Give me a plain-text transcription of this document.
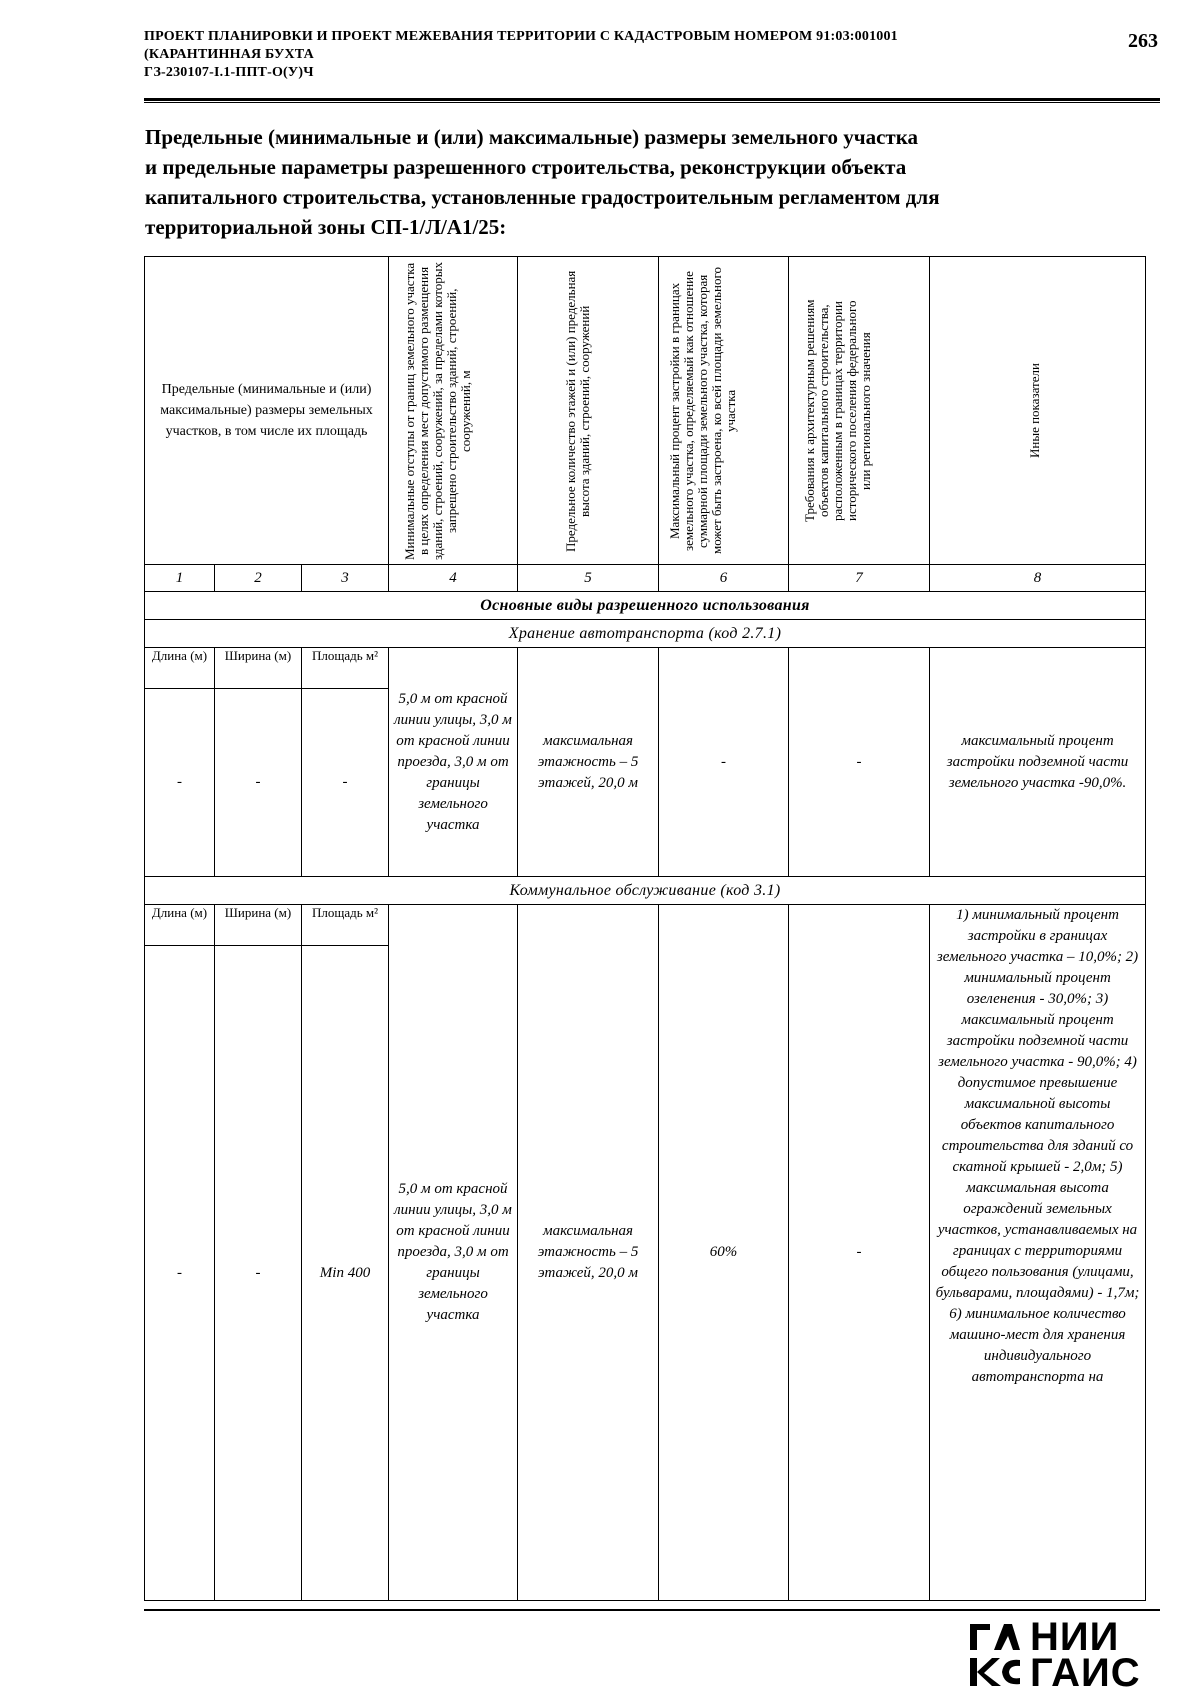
ПРОЕКТ ПЛАНИРОВКИ И ПРОЕКТ МЕЖЕВАНИЯ ТЕРРИТОРИИ С КАДАСТРОВЫМ НОМЕРОМ 91:03:001001
(КАРАНТИННАЯ БУХТА
ГЗ-230107-I.1-ППТ-О(У)Ч
263
Предельные (минимальные и (или) максимальные) размеры земельного участка
и предельные параметры разрешенного строительства, реконструкции объекта
капитального строительства, установленные градостроительным регламентом для
территориальной зоны СП-1/Л/А1/25:
Предельные (минимальные и (или) максимальные) размеры земельных участков, в том числе их площадь			Минимальные отступы от границ земельного участка в целях определения мест допустимого размещения зданий, строений, сооружений, за пределами которых запрещено строительство зданий, строений, сооружений, м	Предельное количество этажей и (или) предельная высота зданий, строений, сооружений	Максимальный процент застройки в границах земельного участка, определяемый как отношение суммарной площади земельного участка, которая может быть застроена, ко всей площади земельного участка	Требования к архитектурным решениям объектов капитального строительства, расположенным в границах территории исторического поселения федерального или регионального значения	Иные показатели

1	2	3	4	5	6	7	8
Основные виды разрешенного использования							
Хранение автотранспорта (код 2.7.1)							
Длина (м)	Ширина (м)	Площадь м²	5,0 м от красной линии улицы, 3,0 м от красной линии проезда, 3,0 м от границы земельного участка	максимальная этажность – 5 этажей, 20,0 м	-	-	максимальный процент застройки подземной части земельного участка -90,0%.
-	-	-					
Коммунальное обслуживание (код 3.1)							
Длина (м)	Ширина (м)	Площадь м²	5,0 м от красной линии улицы, 3,0 м от красной линии проезда, 3,0 м от границы земельного участка	максимальная этажность – 5 этажей, 20,0 м	60%	-	1) минимальный процент застройки в границах земельного участка – 10,0%; 2) минимальный процент озеленения - 30,0%; 3) максимальный процент застройки подземной части земельного участка - 90,0%; 4) допустимое превышение максимальной высоты объектов капитального строительства для зданий со скатной крышей - 2,0м; 5) максимальная высота ограждений земельных участков, устанавливаемых на границах с территориями общего пользования (улицами, бульварами, площадями) - 1,7м; 6) минимальное количество машино-мест для хранения индивидуального автотранспорта на
-	-	Min 400					
НИИ
ГАИС
